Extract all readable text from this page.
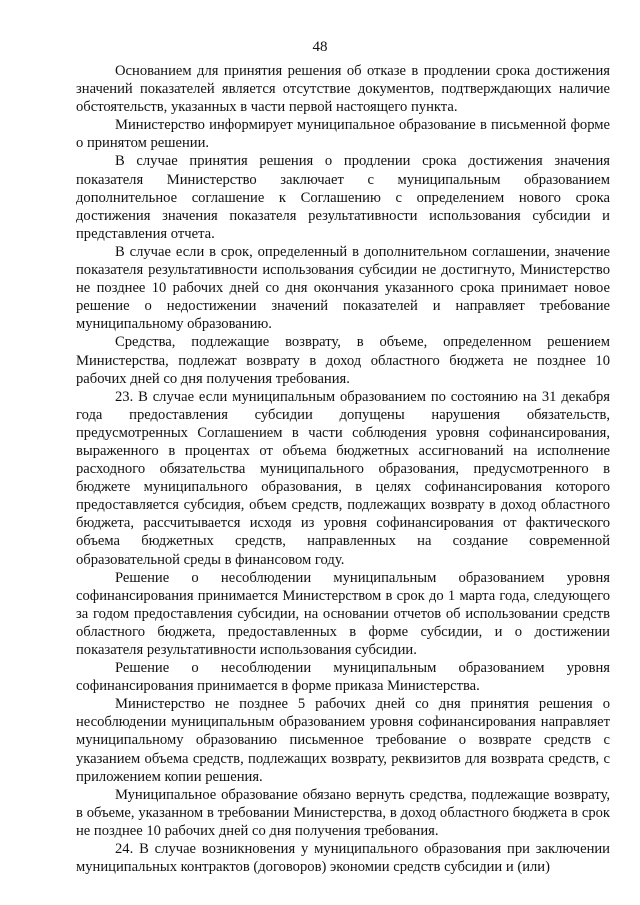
48

Основанием для принятия решения об отказе в продлении срока достижения значений показателей является отсутствие документов, подтверждающих наличие обстоятельств, указанных в части первой настоящего пункта.

Министерство информирует муниципальное образование в письменной форме о принятом решении.

В случае принятия решения о продлении срока достижения значения показателя Министерство заключает с муниципальным образованием дополнительное соглашение к Соглашению с определением нового срока достижения значения показателя результативности использования субсидии и представления отчета.

В случае если в срок, определенный в дополнительном соглашении, значение показателя результативности использования субсидии не достигнуто, Министерство не позднее 10 рабочих дней со дня окончания указанного срока принимает новое решение о недостижении значений показателей и направляет требование муниципальному образованию.

Средства, подлежащие возврату, в объеме, определенном решением Министерства, подлежат возврату в доход областного бюджета не позднее 10 рабочих дней со дня получения требования.

23. В случае если муниципальным образованием по состоянию на 31 декабря года предоставления субсидии допущены нарушения обязательств, предусмотренных Соглашением в части соблюдения уровня софинансирования, выраженного в процентах от объема бюджетных ассигнований на исполнение расходного обязательства муниципального образования, предусмотренного в бюджете муниципального образования, в целях софинансирования которого предоставляется субсидия, объем средств, подлежащих возврату в доход областного бюджета, рассчитывается исходя из уровня софинансирования от фактического объема бюджетных средств, направленных на создание современной образовательной среды в финансовом году.

Решение о несоблюдении муниципальным образованием уровня софинансирования принимается Министерством в срок до 1 марта года, следующего за годом предоставления субсидии, на основании отчетов об использовании средств областного бюджета, предоставленных в форме субсидии, и о достижении показателя результативности использования субсидии.

Решение о несоблюдении муниципальным образованием уровня софинансирования принимается в форме приказа Министерства.

Министерство не позднее 5 рабочих дней со дня принятия решения о несоблюдении муниципальным образованием уровня софинансирования направляет муниципальному образованию письменное требование о возврате средств с указанием объема средств, подлежащих возврату, реквизитов для возврата средств, с приложением копии решения.

Муниципальное образование обязано вернуть средства, подлежащие возврату, в объеме, указанном в требовании Министерства, в доход областного бюджета в срок не позднее 10 рабочих дней со дня получения требования.

24. В случае возникновения у муниципального образования при заключении муниципальных контрактов (договоров) экономии средств субсидии и (или)
